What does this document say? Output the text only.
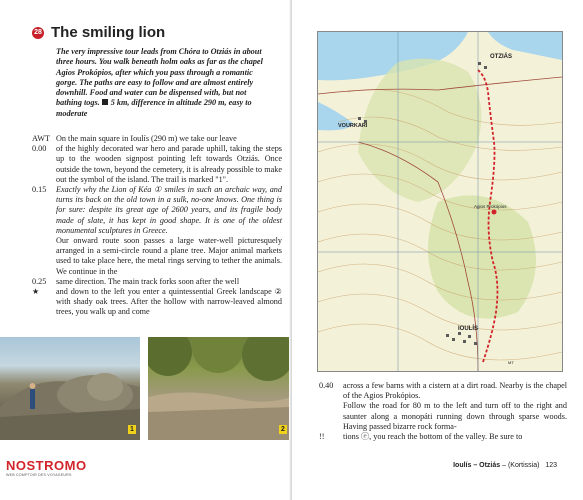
28 The smiling lion
The very impressive tour leads from Chóra to Otziás in about three hours. You walk beneath holm oaks as far as the chapel Agios Prokópios, after which you pass through a romantic gorge. The paths are easy to follow and are almost entirely downhill. Food and water can be dispensed with, but not bathing togs. 5 km, difference in altitude 290 m, easy to moderate
AWT On the main square in Ioulís (290 m) we take our leave
0.00	of the highly decorated war hero and parade uphill, taking the steps up to the wooden signpost pointing left towards Otziás. Once outside the town, beyond the cemetery, it is already possible to make out the symbol of the island. The trail is marked "1".
0.15	Exactly why the Lion of Kéa ① smiles in such an archaic way, and turns its back on the old town in a sulk, no-one knows. One thing is for sure: despite its great age of 2600 years, and its fragile body made of slate, it has kept in good shape. It is one of the oldest monumental sculptures in Greece.
Our onward route soon passes a large water-well picturesquely arranged in a semi-circle round a plane tree. Major animal markets used to take place here, the metal rings serving to tether the animals. We continue in the
0.25	same direction. The main track forks soon after the well
★	and down to the left you enter a quintessential Greek landscape ② with shady oak trees. After the hollow with narrow-leaved almond trees, you walk up and come
1	2
NOSTROMO
WEB COMPTOIR DES VOYAGEURS
OTZIÁS
VOURKARI
Agios Prokópios
IOULÍS
MT
0.40	across a few barns with a cistern at a dirt road. Nearby is the chapel of the Agios Prokópios.
Follow the road for 80 m to the left and turn off to the right and saunter along a monopáti running down through sparse woods. Having passed bizarre rock forma-
!!	tions ⓔ, you reach the bottom of the valley. Be sure to
Ioulís – Otziás – (Kortissia) 123
